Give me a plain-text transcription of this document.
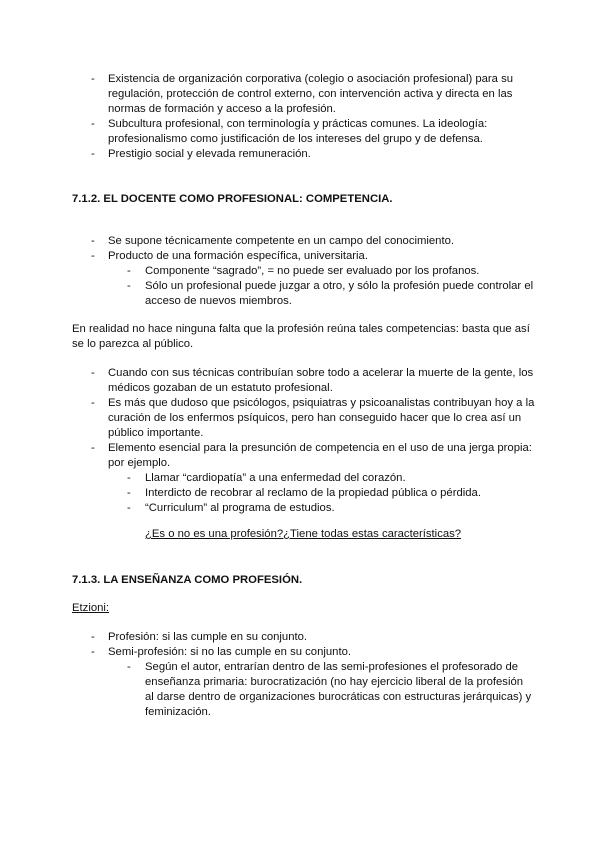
- Existencia de organización corporativa (colegio o asociación profesional) para su
regulación, protección de control externo, con intervención activa y directa en las
normas de formación y acceso a la profesión.
- Subcultura profesional, con terminología y prácticas comunes. La ideología:
profesionalismo como justificación de los intereses del grupo y de defensa.
- Prestigio social y elevada remuneración.
7.1.2. EL DOCENTE COMO PROFESIONAL: COMPETENCIA.
- Se supone técnicamente competente en un campo del conocimiento.
- Producto de una formación específica, universitaria.
- Componente “sagrado”, = no puede ser evaluado por los profanos.
- Sólo un profesional puede juzgar a otro, y sólo la profesión puede controlar el
acceso de nuevos miembros.
En realidad no hace ninguna falta que la profesión reúna tales competencias: basta que así
se lo parezca al público.
- Cuando con sus técnicas contribuían sobre todo a acelerar la muerte de la gente, los
médicos gozaban de un estatuto profesional.
- Es más que dudoso que psicólogos, psiquiatras y psicoanalistas contribuyan hoy a la
curación de los enfermos psíquicos, pero han conseguido hacer que lo crea así un
público importante.
- Elemento esencial para la presunción de competencia en el uso de una jerga propia:
por ejemplo.
- Llamar “cardiopatía” a una enfermedad del corazón.
- Interdicto de recobrar al reclamo de la propiedad pública o pérdida.
- “Curriculum” al programa de estudios.
¿Es o no es una profesión?¿Tiene todas estas características?
7.1.3. LA ENSEÑANZA COMO PROFESIÓN.
Etzioni:
- Profesión: si las cumple en su conjunto.
- Semi-profesión: si no las cumple en su conjunto.
- Según el autor, entrarían dentro de las semi-profesiones el profesorado de
enseñanza primaria: burocratización (no hay ejercicio liberal de la profesión
al darse dentro de organizaciones burocráticas con estructuras jerárquicas) y
feminización.
